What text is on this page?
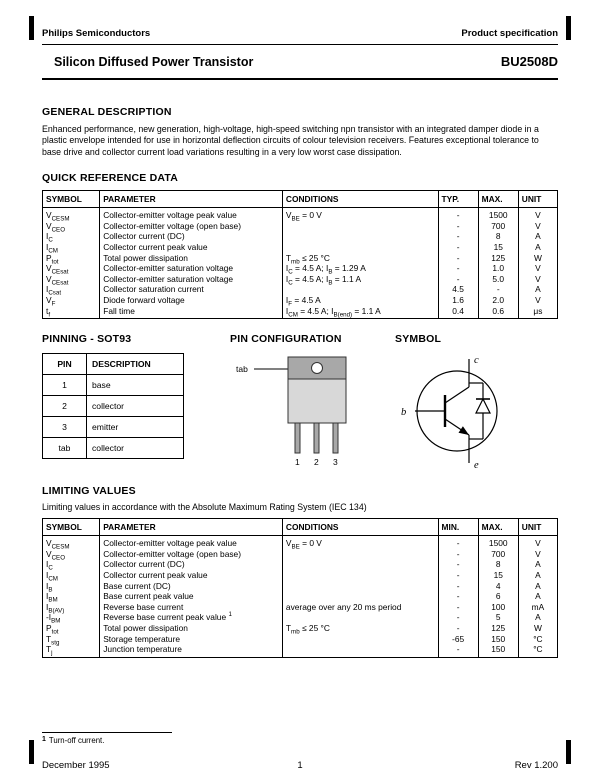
Philips Semiconductors	Product specification
Silicon Diffused Power Transistor	BU2508D
GENERAL DESCRIPTION
Enhanced performance, new generation, high-voltage, high-speed switching npn transistor with an integrated damper diode in a plastic envelope intended for use in horizontal deflection circuits of colour television receivers. Features exceptional tolerance to base drive and collector current load variations resulting in a very low worst case dissipation.
QUICK REFERENCE DATA
SYMBOL	PARAMETER	CONDITIONS	TYP.	MAX.	UNIT
$V_{CESM}$	Collector-emitter voltage peak value	$V_{BE} = 0$ V	-	1500	V
$V_{CEO}$	Collector-emitter voltage (open base)		-	700	V
$I_C$	Collector current (DC)		-	8	A
$I_{CM}$	Collector current peak value		-	15	A
$P_{tot}$	Total power dissipation	$T_{mb} \le 25$ °C	-	125	W
$V_{CEsat}$	Collector-emitter saturation voltage	$I_C = 4.5$ A; $I_B = 1.29$ A	-	1.0	V
$V_{CEsat}$	Collector-emitter saturation voltage	$I_C = 4.5$ A; $I_B = 1.1$ A	-	5.0	V
$I_{Csat}$	Collector saturation current		4.5	-	A
$V_F$	Diode forward voltage	$I_F = 4.5$ A	1.6	2.0	V
$t_f$	Fall time	$I_{CM} = 4.5$ A; $I_{B(end)} = 1.1$ A	0.4	0.6	μs
PINNING - SOT93
PIN	DESCRIPTION
1	base
2	collector
3	emitter
tab	collector
PIN CONFIGURATION
tab
1 2 3
SYMBOL
c
b
e
LIMITING VALUES
Limiting values in accordance with the Absolute Maximum Rating System (IEC 134)
SYMBOL	PARAMETER	CONDITIONS	MIN.	MAX.	UNIT
$V_{CESM}$	Collector-emitter voltage peak value	$V_{BE} = 0$ V	-	1500	V
$V_{CEO}$	Collector-emitter voltage (open base)		-	700	V
$I_C$	Collector current (DC)		-	8	A
$I_{CM}$	Collector current peak value		-	15	A
$I_B$	Base current (DC)		-	4	A
$I_{BM}$	Base current peak value		-	6	A
$I_{B(AV)}$	Reverse base current	average over any 20 ms period	-	100	mA
$-I_{BM}$	Reverse base current peak value $^1$		-	5	A
$P_{tot}$	Total power dissipation	$T_{mb} \le 25$ °C	-	125	W
$T_{stg}$	Storage temperature		-65	150	°C
$T_j$	Junction temperature		-	150	°C
1 Turn-off current.
December 1995	1	Rev 1.200
